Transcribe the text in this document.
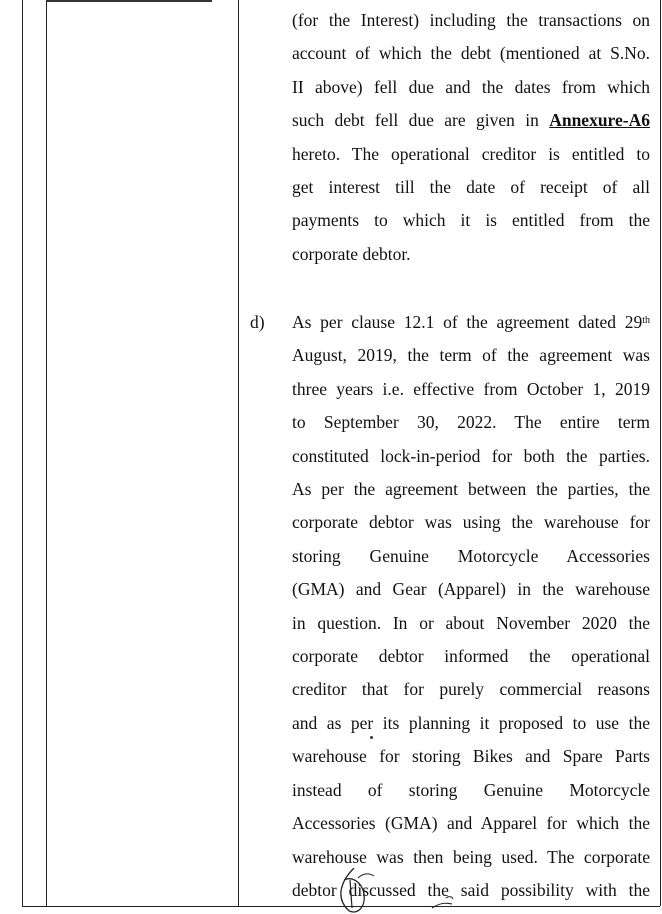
(for the Interest) including the transactions on
account of which the debt (mentioned at S.No.
II above) fell due and the dates from which
such debt fell due are given in Annexure-A6
hereto. The operational creditor is entitled to
get interest till the date of receipt of all
payments to which it is entitled from the
corporate debtor.
d) As per clause 12.1 of the agreement dated 29th
August, 2019, the term of the agreement was
three years i.e. effective from October 1, 2019
to September 30, 2022. The entire term
constituted lock-in-period for both the parties.
As per the agreement between the parties, the
corporate debtor was using the warehouse for
storing Genuine Motorcycle Accessories
(GMA) and Gear (Apparel) in the warehouse
in question. In or about November 2020 the
corporate debtor informed the operational
creditor that for purely commercial reasons
and as per its planning it proposed to use the
warehouse for storing Bikes and Spare Parts
instead of storing Genuine Motorcycle
Accessories (GMA) and Apparel for which the
warehouse was then being used. The corporate
debtor discussed the said possibility with the
